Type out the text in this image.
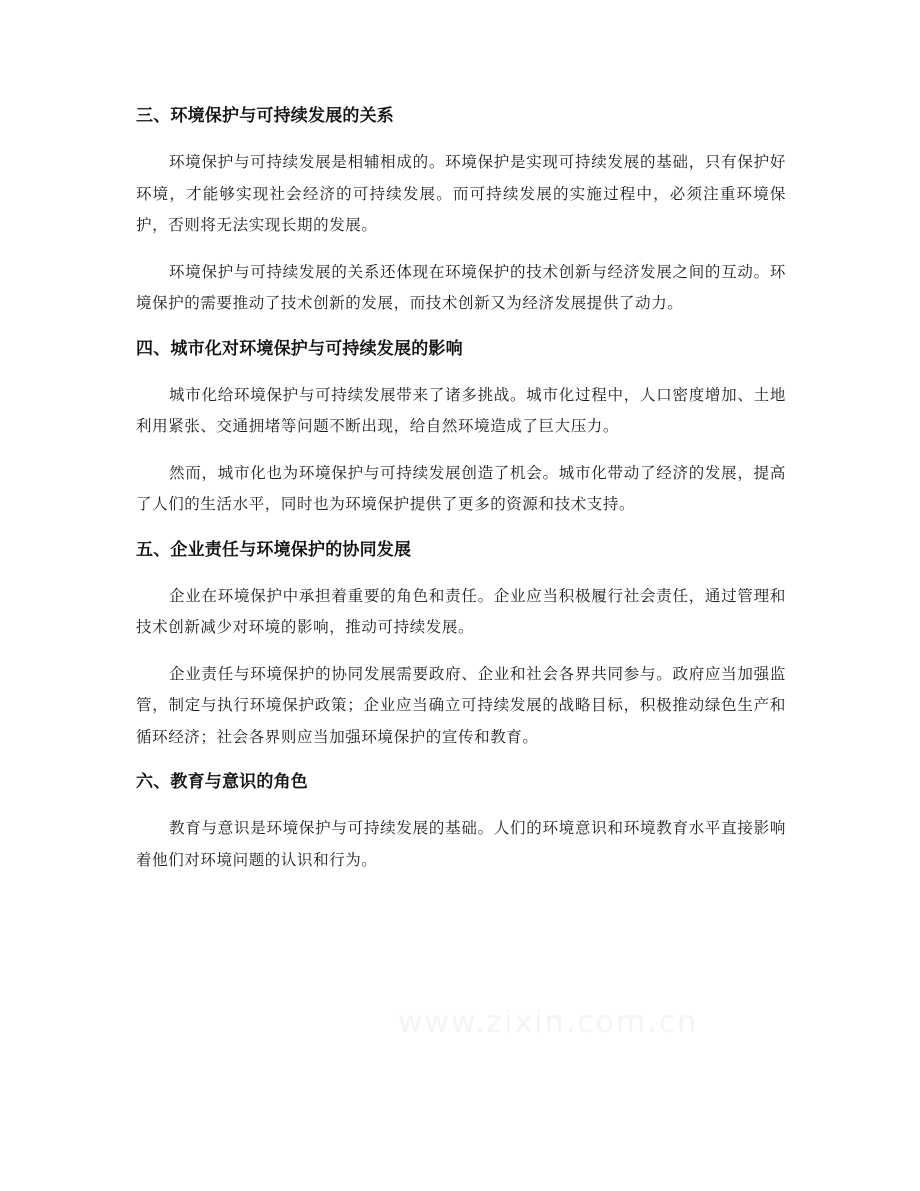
三、环境保护与可持续发展的关系

环境保护与可持续发展是相辅相成的。环境保护是实现可持续发展的基础，只有保护好环境，才能够实现社会经济的可持续发展。而可持续发展的实施过程中，必须注重环境保护，否则将无法实现长期的发展。

环境保护与可持续发展的关系还体现在环境保护的技术创新与经济发展之间的互动。环境保护的需要推动了技术创新的发展，而技术创新又为经济发展提供了动力。

四、城市化对环境保护与可持续发展的影响

城市化给环境保护与可持续发展带来了诸多挑战。城市化过程中，人口密度增加、土地利用紧张、交通拥堵等问题不断出现，给自然环境造成了巨大压力。

然而，城市化也为环境保护与可持续发展创造了机会。城市化带动了经济的发展，提高了人们的生活水平，同时也为环境保护提供了更多的资源和技术支持。

五、企业责任与环境保护的协同发展

企业在环境保护中承担着重要的角色和责任。企业应当积极履行社会责任，通过管理和技术创新减少对环境的影响，推动可持续发展。

企业责任与环境保护的协同发展需要政府、企业和社会各界共同参与。政府应当加强监管，制定与执行环境保护政策；企业应当确立可持续发展的战略目标，积极推动绿色生产和循环经济；社会各界则应当加强环境保护的宣传和教育。

六、教育与意识的角色

教育与意识是环境保护与可持续发展的基础。人们的环境意识和环境教育水平直接影响着他们对环境问题的认识和行为。

www.zixin.com.cn
